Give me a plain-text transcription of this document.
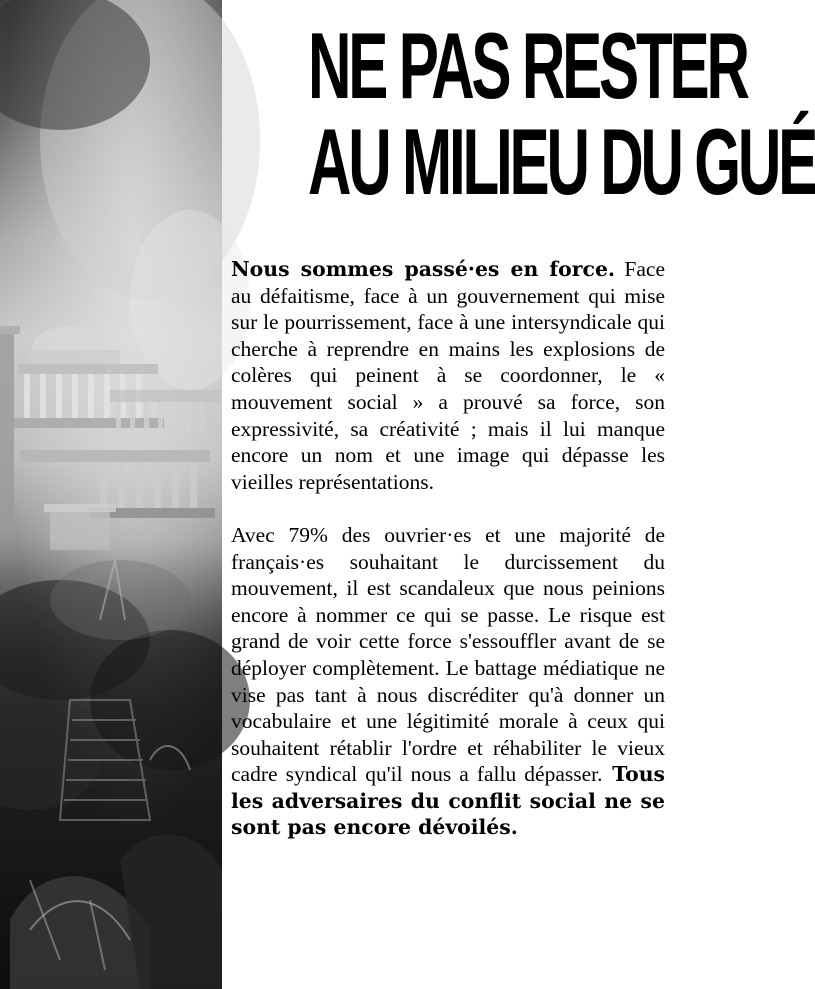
NE PAS RESTER
AU MILIEU DU GUÉ

Nous sommes passé·es en force. Face au défaitisme, face à un gouvernement qui mise sur le pourrissement, face à une intersyndicale qui cherche à reprendre en mains les explosions de colères qui peinent à se coordonner, le « mouvement social » a prouvé sa force, son expressivité, sa créativité ; mais il lui manque encore un nom et une image qui dépasse les vieilles représentations.

Avec 79% des ouvrier·es et une majorité de français·es souhaitant le durcissement du mouvement, il est scandaleux que nous peinions encore à nommer ce qui se passe. Le risque est grand de voir cette force s'essouffler avant de se déployer complètement. Le battage médiatique ne vise pas tant à nous discréditer qu'à donner un vocabulaire et une légitimité morale à ceux qui souhaitent rétablir l'ordre et réhabiliter le vieux cadre syndical qu'il nous a fallu dépasser. Tous les adversaires du conflit social ne se sont pas encore dévoilés.
